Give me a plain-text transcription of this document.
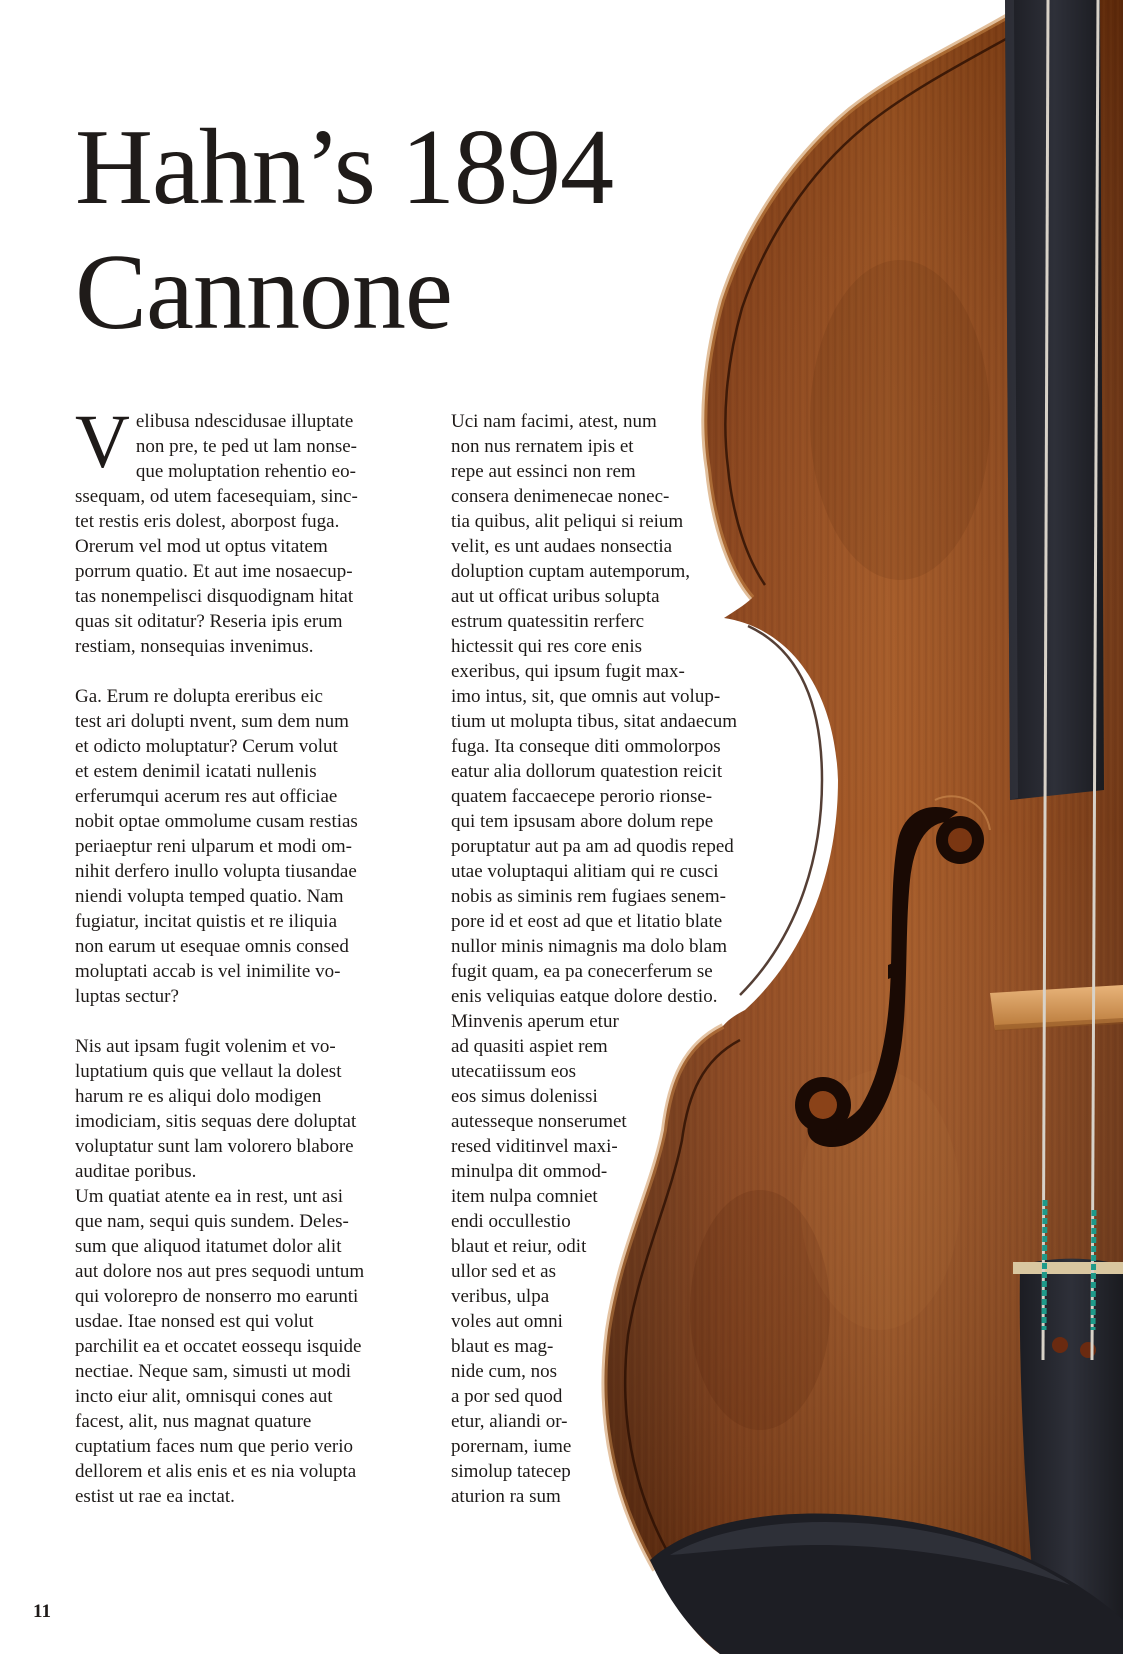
Hahn’s 1894
Cannone

Velibusa ndescidusae illuptate
non pre, te ped ut lam nonse-
que moluptation rehentio eo-
ssequam, od utem facesequiam, sinc-
tet restis eris dolest, aborpost fuga.
Orerum vel mod ut optus vitatem
porrum quatio. Et aut ime nosaecup-
tas nonempelisci disquodignam hitat
quas sit oditatur? Reseria ipis erum
restiam, nonsequias invenimus.

Ga. Erum re dolupta ereribus eic
test ari dolupti nvent, sum dem num
et odicto moluptatur? Cerum volut
et estem denimil icatati nullenis
erferumqui acerum res aut officiae
nobit optae ommolume cusam restias
periaeptur reni ulparum et modi om-
nihit derfero inullo volupta tiusandae
niendi volupta temped quatio. Nam
fugiatur, incitat quistis et re iliquia
non earum ut esequae omnis consed
moluptati accab is vel inimilite vo-
luptas sectur?

Nis aut ipsam fugit volenim et vo-
luptatium quis que vellaut la dolest
harum re es aliqui dolo modigen
imodiciam, sitis sequas dere doluptat
voluptatur sunt lam volorero blabore
auditae poribus.

Um quatiat atente ea in rest, unt asi
que nam, sequi quis sundem. Deles-
sum que aliquod itatumet dolor alit
aut dolore nos aut pres sequodi untum
qui volorepro de nonserro mo earunti
usdae. Itae nonsed est qui volut
parchilit ea et occatet eossequ isquide
nectiae. Neque sam, simusti ut modi
incto eiur alit, omnisqui cones aut
facest, alit, nus magnat quature
cuptatium faces num que perio verio
dellorem et alis enis et es nia volupta
estist ut rae ea inctat.

Uci nam facimi, atest, num
non nus rernatem ipis et
repe aut essinci non rem
consera denimenecae nonec-
tia quibus, alit peliqui si reium
velit, es unt audaes nonsectia
doluption cuptam autemporum,
aut ut officat uribus solupta
estrum quatessitin rerferc
hictessit qui res core enis
exeribus, qui ipsum fugit max-
imo intus, sit, que omnis aut volup-
tium ut molupta tibus, sitat andaecum
fuga. Ita conseque diti ommolorpos
eatur alia dollorum quatestion reicit
quatem faccaecepe perorio rionse-
qui tem ipsusam abore dolum repe
poruptatur aut pa am ad quodis reped
utae voluptaqui alitiam qui re cusci
nobis as siminis rem fugiaes senem-
pore id et eost ad que et litatio blate
nullor minis nimagnis ma dolo blam
fugit quam, ea pa conecerferum se
enis veliquias eatque dolore destio.
Minvenis aperum etur
ad quasiti aspiet rem
utecatiissum eos
eos simus dolenissi
autesseque nonserumet
resed viditinvel maxi-
minulpa dit ommod-
item nulpa comniet
endi occullestio
blaut et reiur, odit
ullor sed et as
veribus, ulpa
voles aut omni
blaut es mag-
nide cum, nos
a por sed quod
etur, aliandi or-
porernam, iume
simolup tatecep
aturion ra sum

11
